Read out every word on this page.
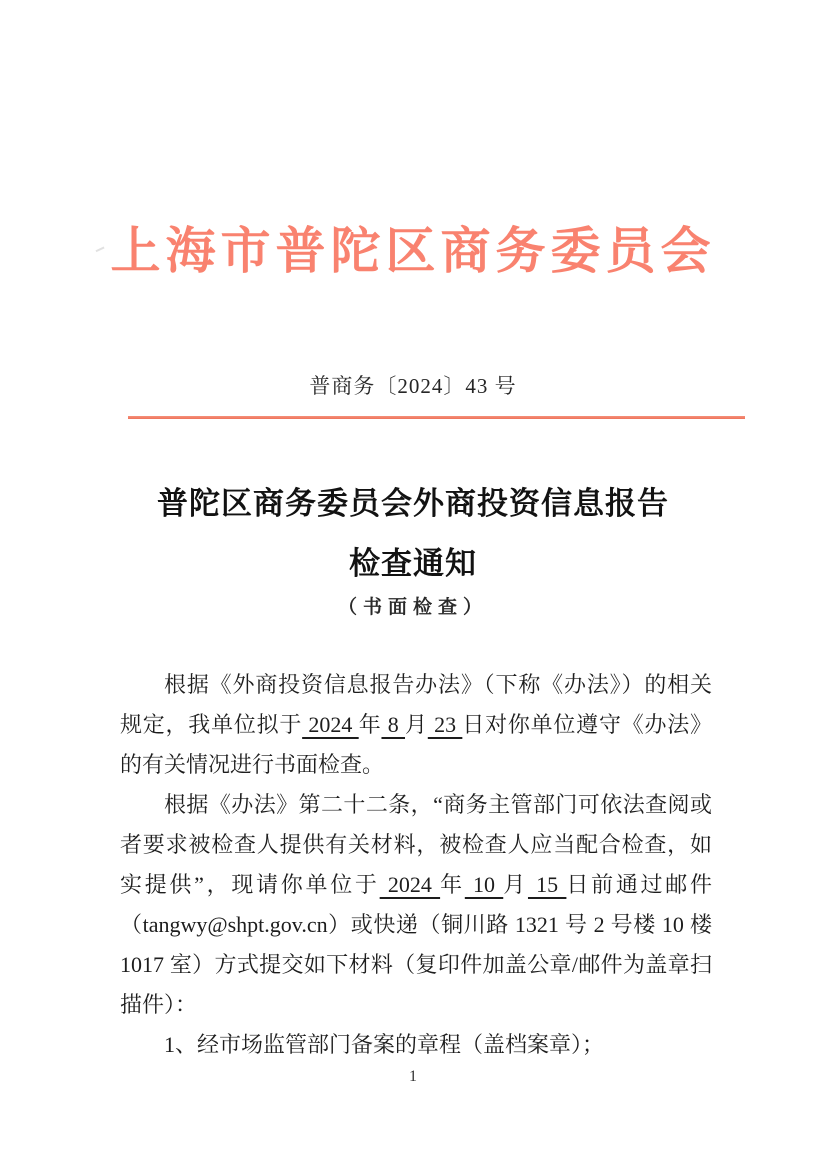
上海市普陀区商务委员会
普商务〔2024〕43 号
普陀区商务委员会外商投资信息报告
检查通知
（书面检查）

根据《外商投资信息报告办法》（下称《办法》）的相关规定，我单位拟于 2024 年 8 月 23 日对你单位遵守《办法》的有关情况进行书面检查。

根据《办法》第二十二条，“商务主管部门可依法查阅或者要求被检查人提供有关材料，被检查人应当配合检查，如实提供”，现请你单位于 2024 年 10 月 15 日前通过邮件（tangwy@shpt.gov.cn）或快递（铜川路 1321 号 2 号楼 10 楼 1017 室）方式提交如下材料（复印件加盖公章/邮件为盖章扫描件）：

1、经市场监管部门备案的章程（盖档案章）；

1
